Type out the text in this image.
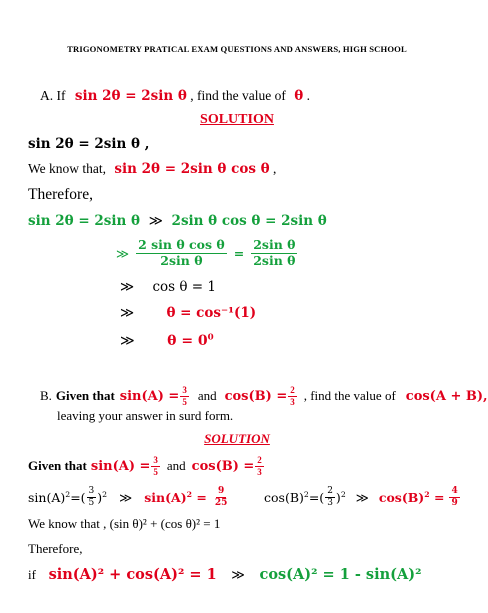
TRIGONOMETRY PRATICAL EXAM QUESTIONS AND ANSWERS, HIGH SCHOOL
A. If sin 2θ = 2sin θ , find the value of θ .
SOLUTION
sin 2θ = 2sin θ ,
We know that, sin 2θ = 2sin θ cos θ ,
Therefore,
sin 2θ = 2sin θ ≫ 2sin θ cos θ = 2sin θ
≫ $\frac{\text{2 sin θ cos θ}}{\text{2sin θ}} = \frac{\text{2sin θ}}{\text{2sin θ}}$
≫ cos θ = 1
≫ θ = cos⁻¹(1)
≫ $\theta = 0^0$
B. Given that $\sin(A) = \frac{3}{5}$ and $\cos(B) = \frac{2}{3}$ , find the value of cos(A + B),
leaving your answer in surd form.
SOLUTION
Given that $\sin(A) = \frac{3}{5}$ and $\cos(B) = \frac{2}{3}$
$\sin(A)^2$ =( $\frac{3}{5} )^2$ ≫ $\sin(A)^2 = \frac{9}{25}$	$\cos(B)^2$ =( $\frac{2}{3} )^2$ ≫ $\cos(B)^2 = \frac{4}{9}$
We know that , (sin θ)² + (cos θ)² = 1
Therefore,
if sin(A)² + cos(A)² = 1 ≫ cos(A)² = 1 - sin(A)²
